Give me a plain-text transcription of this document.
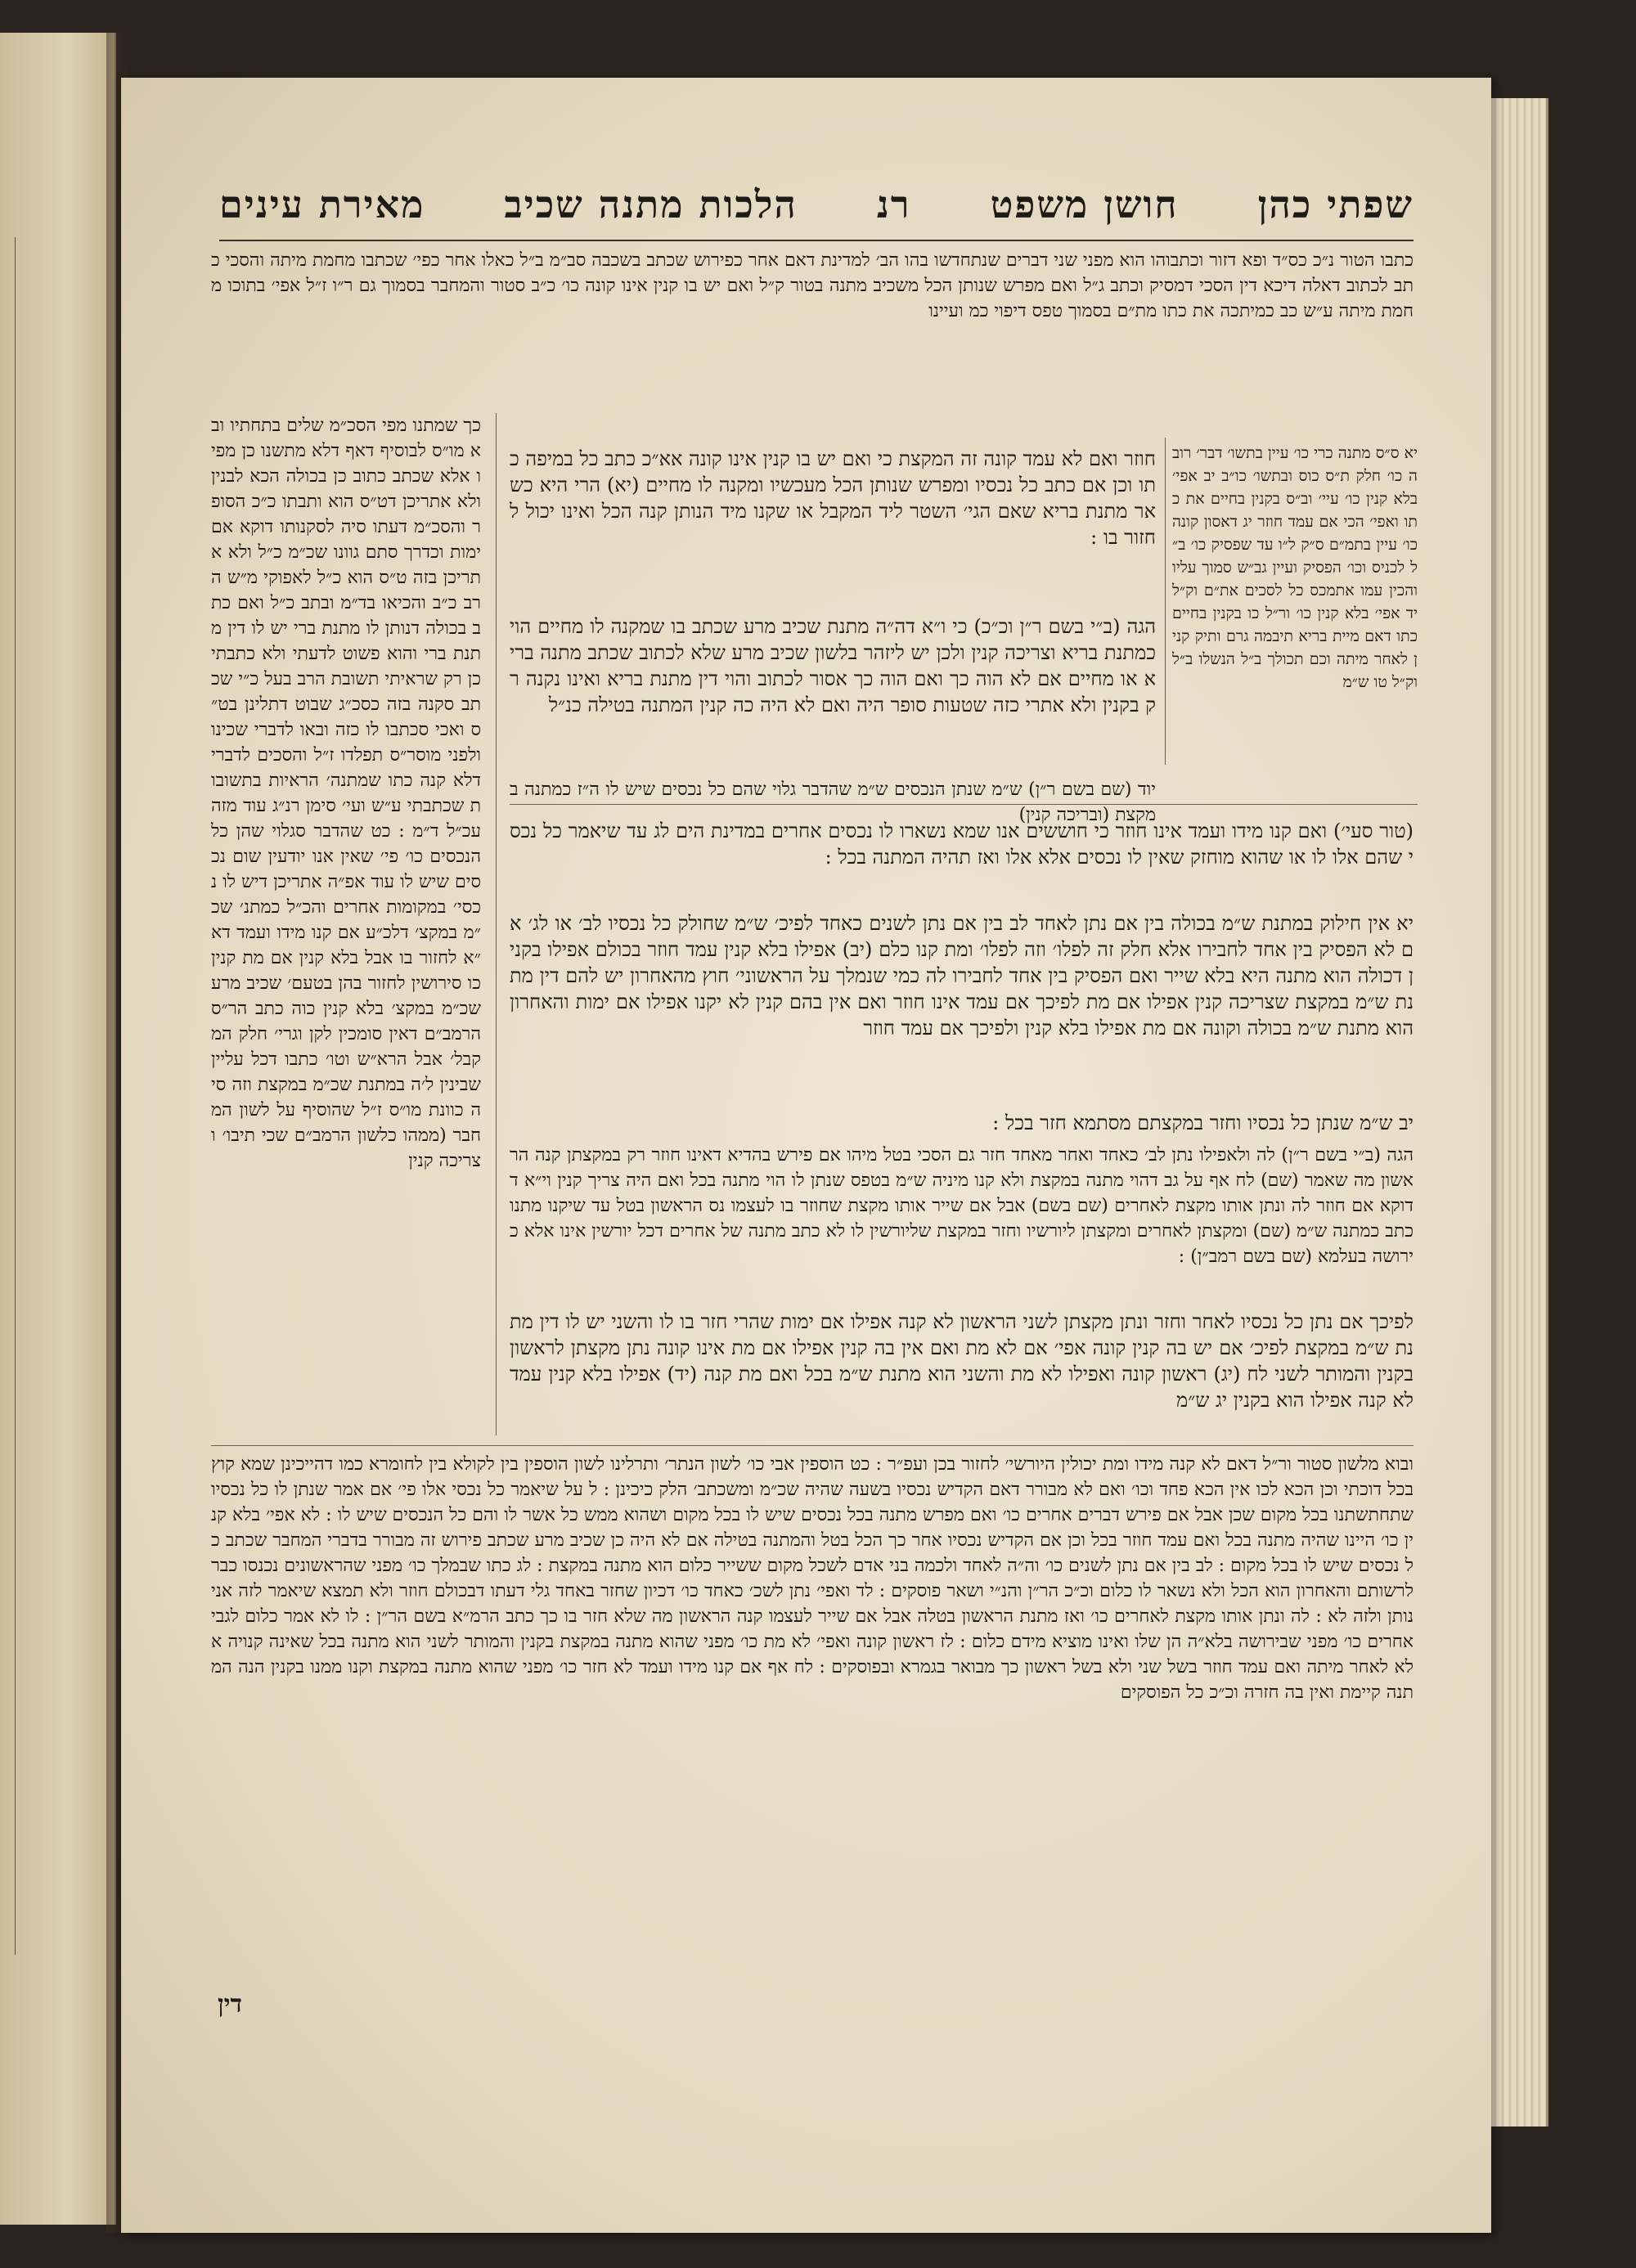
שפתי כהן
חושן משפט
רנ
הלכות מתנה שכיב
מאירת עינים
כתבו הטור נ״כ כס״ד ופא דזור וכתבוהו הוא מפני שני דברים שנתחדשו בהו הב׳ למדינת דאם אחר כפירוש שכתב בשכבה סב״מ ב״ל כאלו אחר כפי׳ שכתבו מחמת מיתה והסכי כתב לכתוב דאלה דיכא דין הסכי דמסיק וכתב ג״ל ואם מפרש שנותן הכל משכיב מתנה בטור ק״ל ואם יש בו קנין אינו קונה כו׳ כ״ב סטור והמחבר בסמוך גם ר״ו ז״ל אפי׳ בתוכו מחמת מיתה ע״ש כב כמיתכה את כתו מת״ם בסמוך טפס דיפוי כמ ועיינו
יא ס״ס מתנה כרי כו׳ עיין בתשו׳ דבר׳ רובה כו׳ חלק ת״ס כוס ובתשו׳ כו״ב יב אפי׳ בלא קנין כו׳ עיי׳ וב״ס בקנין בחיים את כתו ואפי׳ הכי אם עמד חוזר יג דאסון קונה כו׳ עיין בתמ״ם ס״ק ל״ו עד שפסיק כו׳ ב״ל לכניס וכו׳ הפסיק ועיין גב״ש סמוך עליו והכין עמו אתמכס כל לסכים את״ם וק״ל יד אפי׳ בלא קנין כו׳ ור״ל כו בקנין בחיים כתו דאם מיית בריא תיבמה גרם ותיק קנין לאחר מיתה וכם תכולך ב״ל הנשלו ב״ל וק״ל טו ש״מ
כך שמתנו מפי הסכ״מ שלים בתחתיו ובא מו״ס לבוסיף דאף דלא מתשנו כן מפיו אלא שכתב כתוב כן בכולה הכא לבנין ולא אתריכן דט״ס הוא ותבתו כ״כ הסופר והסכ״מ דעתו סיה לסקנותו דוקא אם ימות וכדרך סתם גוונו שכ״מ כ״ל ולא אתריכן בזה ט״ס הוא כ״ל לאפוקי מ״ש הרב כ״ב והכיאו בד״מ ובתב כ״ל ואם כתב בכולה דנותן לו מתנת ברי יש לו דין מתנת ברי והוא פשוט לדעתי ולא כתבתי כן רק שראיתי תשובת הרב בעל כ״י שכתב סקנה בזה כסכ״ג שבוט דתלינן בט״ס ואכי סכתבו לו כזה ובאו לדברי שכינו ולפני מוסר״ס תפלדו ז״ל והסכים לדברי דלא קנה כתו שמתנה׳ הראיות בתשובות שכתבתי ע״ש ועי׳ סימן רנ״ג עוד מזה עכ״ל ד״מ : כט שהדבר סגלוי שהן כל הנכסים כו׳ פי׳ שאין אנו יודעין שום נכסים שיש לו עוד אפ״ה אתריכן דיש לו נכסי׳ במקומות אחרים והכ״ל כמתנ׳ שכ״מ במקצ׳ דלכ״ע אם קנו מידו ועמד דא״א לחזור בו אבל בלא קנין אם מת קנין כו סירושין לחזור בהן בטעם׳ שכיב מרע שכ״מ במקצ׳ בלא קנין כוה כתב הר״ס הרמב״ם דאין סומכין לקן וגרי׳ חלק המקבל׳ אבל הרא״ש וטו׳ כתבו דכל עליין שבינין ל׳ה במתנת שכ״מ במקצת וזה סיה כוונת מו״ס ז״ל שהוסיף על לשון המחבר (ממהו כלשון הרמב״ם שכי תיבו׳ וצריכה קנין
חוזר ואם לא עמד קונה זה המקצת כי ואם יש בו קנין אינו קונה אא״כ כתב כל במיפה כתו וכן אם כתב כל נכסיו ומפרש שנותן הכל מעכשיו ומקנה לו מחיים (יא) הרי היא כשאר מתנת בריא שאם הגי׳ השטר ליד המקבל או שקנו מיד הנותן קנה הכל ואינו יכול לחזור בו :
הגה (ב״י בשם ר״ן וכ״כ) כי ו״א דה״ה מתנת שכיב מרע שכתב בו שמקנה לו מחיים הוי כמתנת בריא וצריכה קנין ולכן יש ליזהר בלשון שכיב מרע שלא לכתוב שכתב מתנה בריא או מחיים אם לא הוה כך ואם הוה כך אסור לכתוב והוי דין מתנת בריא ואינו נקנה רק בקנין ולא אתרי כזה שטעות סופר היה ואם לא היה כה קנין המתנה בטילה כנ״ל
יוד (שם בשם ר״ן) ש״מ שנתן הנכסים ש״מ שהדבר גלוי שהם כל נכסים שיש לו ה״ז כמתנה במקצת (ובריכה קנין)
(טור סעי׳) ואם קנו מידו ועמד אינו חוזר כי חוששים אנו שמא נשארו לו נכסים אחרים במדינת הים לג עד שיאמר כל נכסי שהם אלו לו או שהוא מוחזק שאין לו נכסים אלא אלו ואז תהיה המתנה בכל :
יא אין חילוק במתנת ש״מ בכולה בין אם נתן לאחד לב בין אם נתן לשנים כאחד לפיכ׳ ש״מ שחולק כל נכסיו לב׳ או לג׳ אם לא הפסיק בין אחד לחבירו אלא חלק זה לפלו׳ וזה לפלו׳ ומת קנו כלם (יב) אפילו בלא קנין עמד חוזר בכולם אפילו בקנין דכולה הוא מתנה היא בלא שייר ואם הפסיק בין אחד לחבירו לה כמי שנמלך על הראשוני׳ חוץ מהאחרון יש להם דין מתנת ש״מ במקצת שצריכה קנין אפילו אם מת לפיכך אם עמד אינו חוזר ואם אין בהם קנין לא יקנו אפילו אם ימות והאחרון הוא מתנת ש״מ בכולה וקונה אם מת אפילו בלא קנין ולפיכך אם עמד חוזר
יב ש״מ שנתן כל נכסיו וחזר במקצתם מסתמא חזר בכל :
הגה (ב״י בשם ר״ן) לה ולאפילו נתן לב׳ כאחד ואחר מאחד חזר גם הסכי בטל מיהו אם פירש בהדיא דאינו חוזר רק במקצתן קנה הראשון מה שאמר (שם) לח אף על גב דהוי מתנה במקצת ולא קנו מיניה ש״מ בטפס שנתן לו הוי מתנה בכל ואם היה צריך קנין וי״א דדוקא אם חוזר לה ונתן אותו מקצת לאחרים (שם בשם) אבל אם שייר אותו מקצת שחוזר בו לעצמו נס הראשון בטל עד שיקנו מתנו כתב כמתנה ש״מ (שם) ומקצתן לאחרים ומקצתן ליורשיו וחזר במקצת שליורשין לו לא כתב מתנה של אחרים דכל יורשין אינו אלא כירושה בעלמא (שם בשם רמב״ן) :
לפיכך אם נתן כל נכסיו לאחר וחזר ונתן מקצתן לשני הראשון לא קנה אפילו אם ימות שהרי חזר בו לו והשני יש לו דין מתנת ש״מ במקצת לפיכ׳ אם יש בה קנין קונה אפי׳ אם לא מת ואם אין בה קנין אפילו אם מת אינו קונה נתן מקצתן לראשון בקנין והמותר לשני לח (יג) ראשון קונה ואפילו לא מת והשני הוא מתנת ש״מ בכל ואם מת קנה (יד) אפילו בלא קנין עמד לא קנה אפילו הוא בקנין יג ש״מ
ובוא מלשון סטור ור״ל דאם לא קנה מידו ומת יכולין היורשי׳ לחזור בכן ועפ״ר : כט הוספין אבי כו׳ לשון הנתר׳ ותרלינו לשון הוספין בין לקולא בין לחומרא כמו דהייכינן שמא קוץ בכל דוכתי וכן הכא לכו אין הכא פחד וכו׳ ואם לא מבורר דאם הקדיש נכסיו בשעה שהיה שכ״מ ומשכתב׳ הלק כיכינן : ל על שיאמר כל נכסי אלו פי׳ אם אמר שנתן לו כל נכסיו שתחתשתנו בכל מקום שכן אבל אם פירש דברים אחרים כו׳ ואם מפרש מתנה בכל נכסים שיש לו בכל מקום ושהוא ממש כל אשר לו והם כל הנכסים שיש לו : לא אפי׳ בלא קנין כו׳ היינו שהיה מתנה בכל ואם עמד חוזר בכל וכן אם הקדיש נכסיו אחר כך הכל בטל והמתנה בטילה אם לא היה כן שכיב מרע שכתב פירוש זה מבורר בדברי המחבר שכתב כל נכסים שיש לו בכל מקום : לב בין אם נתן לשנים כו׳ וה״ה לאחד ולכמה בני אדם לשכל מקום ששייר כלום הוא מתנה במקצת : לג כתו שבמלך כו׳ מפני שהראשונים נכנסו כבר לרשותם והאחרון הוא הכל ולא נשאר לו כלום וכ״כ הר״ן והנ״י ושאר פוסקים : לד ואפי׳ נתן לשכ׳ כאחד כו׳ דכיון שחזר באחד גלי דעתו דבכולם חוזר ולא תמצא שיאמר לזה אני נותן ולזה לא : לה ונתן אותו מקצת לאחרים כו׳ ואז מתנת הראשון בטלה אבל אם שייר לעצמו קנה הראשון מה שלא חזר בו כך כתב הרמ״א בשם הר״ן : לו לא אמר כלום לגבי אחרים כו׳ מפני שבירושה בלא״ה הן שלו ואינו מוציא מידם כלום : לז ראשון קונה ואפי׳ לא מת כו׳ מפני שהוא מתנה במקצת בקנין והמותר לשני הוא מתנה בכל שאינה קנויה אלא לאחר מיתה ואם עמד חוזר בשל שני ולא בשל ראשון כך מבואר בגמרא ובפוסקים : לח אף אם קנו מידו ועמד לא חזר כו׳ מפני שהוא מתנה במקצת וקנו ממנו בקנין הנה המתנה קיימת ואין בה חזרה וכ״כ כל הפוסקים
דין
